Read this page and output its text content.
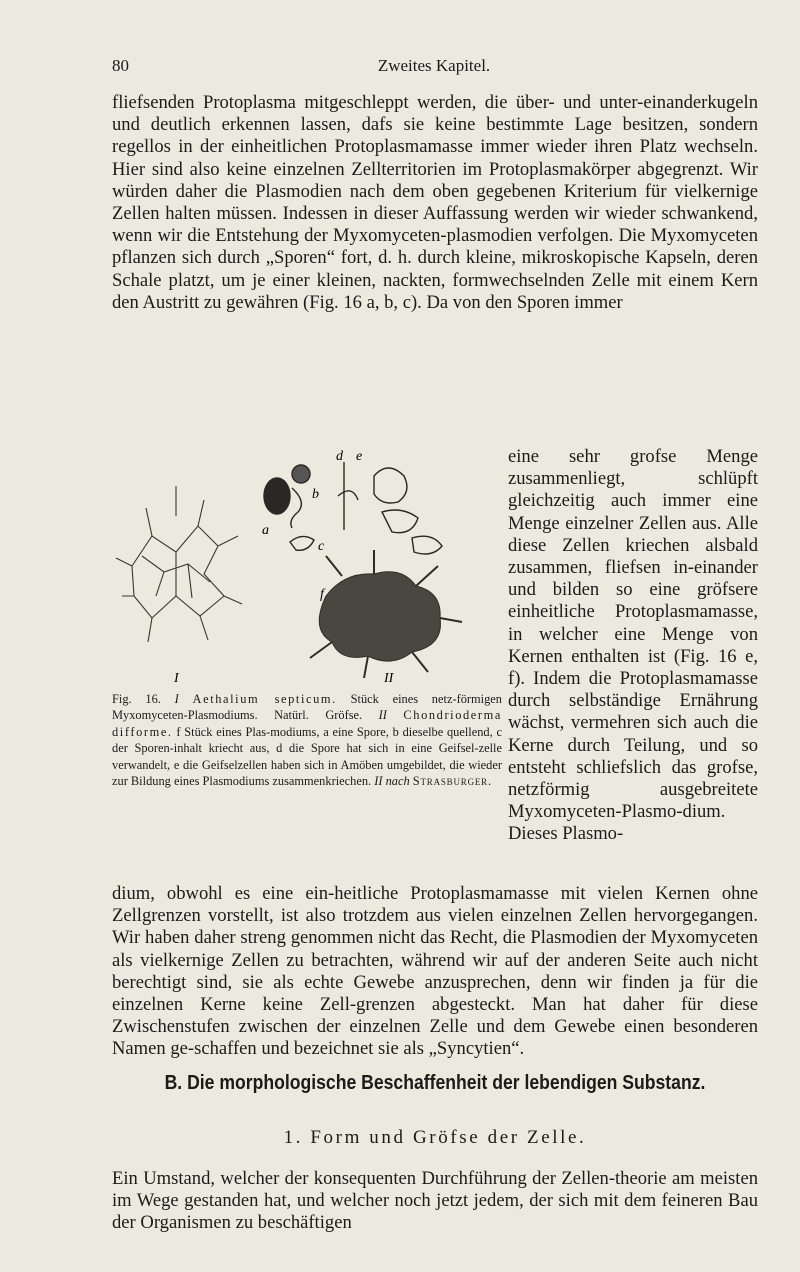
80	Zweites Kapitel.
fliefsenden Protoplasma mitgeschleppt werden, die über- und unter-einanderkugeln und deutlich erkennen lassen, dafs sie keine bestimmte Lage besitzen, sondern regellos in der einheitlichen Protoplasmamasse immer wieder ihren Platz wechseln. Hier sind also keine einzelnen Zellterritorien im Protoplasmakörper abgegrenzt. Wir würden daher die Plasmodien nach dem oben gegebenen Kriterium für vielkernige Zellen halten müssen. Indessen in dieser Auffassung werden wir wieder schwankend, wenn wir die Entstehung der Myxomyceten-plasmodien verfolgen. Die Myxomyceten pflanzen sich durch „Sporen“ fort, d. h. durch kleine, mikroskopische Kapseln, deren Schale platzt, um je einer kleinen, nackten, formwechselnden Zelle mit einem Kern den Austritt zu gewähren (Fig. 16 a, b, c). Da von den Sporen immer
I	II
a
b
c
d e
f
Fig. 16. I Aethalium septicum. Stück eines netz-förmigen Myxomyceten-Plasmodiums. Natürl. Gröfse. II Chondrioderma difforme. f Stück eines Plas-modiums, a eine Spore, b dieselbe quellend, c der Sporen-inhalt kriecht aus, d die Spore hat sich in eine Geifsel-zelle verwandelt, e die Geifselzellen haben sich in Amöben umgebildet, die wieder zur Bildung eines Plasmodiums zusammenkriechen. II nach Strasburger.
eine sehr grofse Menge zusammenliegt, schlüpft gleichzeitig auch immer eine Menge einzelner Zellen aus. Alle diese Zellen kriechen alsbald zusammen, fliefsen in-einander und bilden so eine gröfsere einheitliche Protoplasmamasse, in welcher eine Menge von Kernen enthalten ist (Fig. 16 e, f). Indem die Protoplasmamasse durch selbständige Ernährung wächst, vermehren sich auch die Kerne durch Teilung, und so entsteht schliefslich das grofse, netzförmig ausgebreitete Myxomyceten-Plasmo-dium. Dieses Plasmo-
dium, obwohl es eine ein-heitliche Protoplasmamasse mit vielen Kernen ohne Zellgrenzen vorstellt, ist also trotzdem aus vielen einzelnen Zellen hervorgegangen. Wir haben daher streng genommen nicht das Recht, die Plasmodien der Myxomyceten als vielkernige Zellen zu betrachten, während wir auf der anderen Seite auch nicht berechtigt sind, sie als echte Gewebe anzusprechen, denn wir finden ja für die einzelnen Kerne keine Zell-grenzen abgesteckt. Man hat daher für diese Zwischenstufen zwischen der einzelnen Zelle und dem Gewebe einen besonderen Namen ge-schaffen und bezeichnet sie als „Syncytien“.
B. Die morphologische Beschaffenheit der lebendigen Substanz.
1. Form und Gröfse der Zelle.
Ein Umstand, welcher der konsequenten Durchführung der Zellen-theorie am meisten im Wege gestanden hat, und welcher noch jetzt jedem, der sich mit dem feineren Bau der Organismen zu beschäftigen
